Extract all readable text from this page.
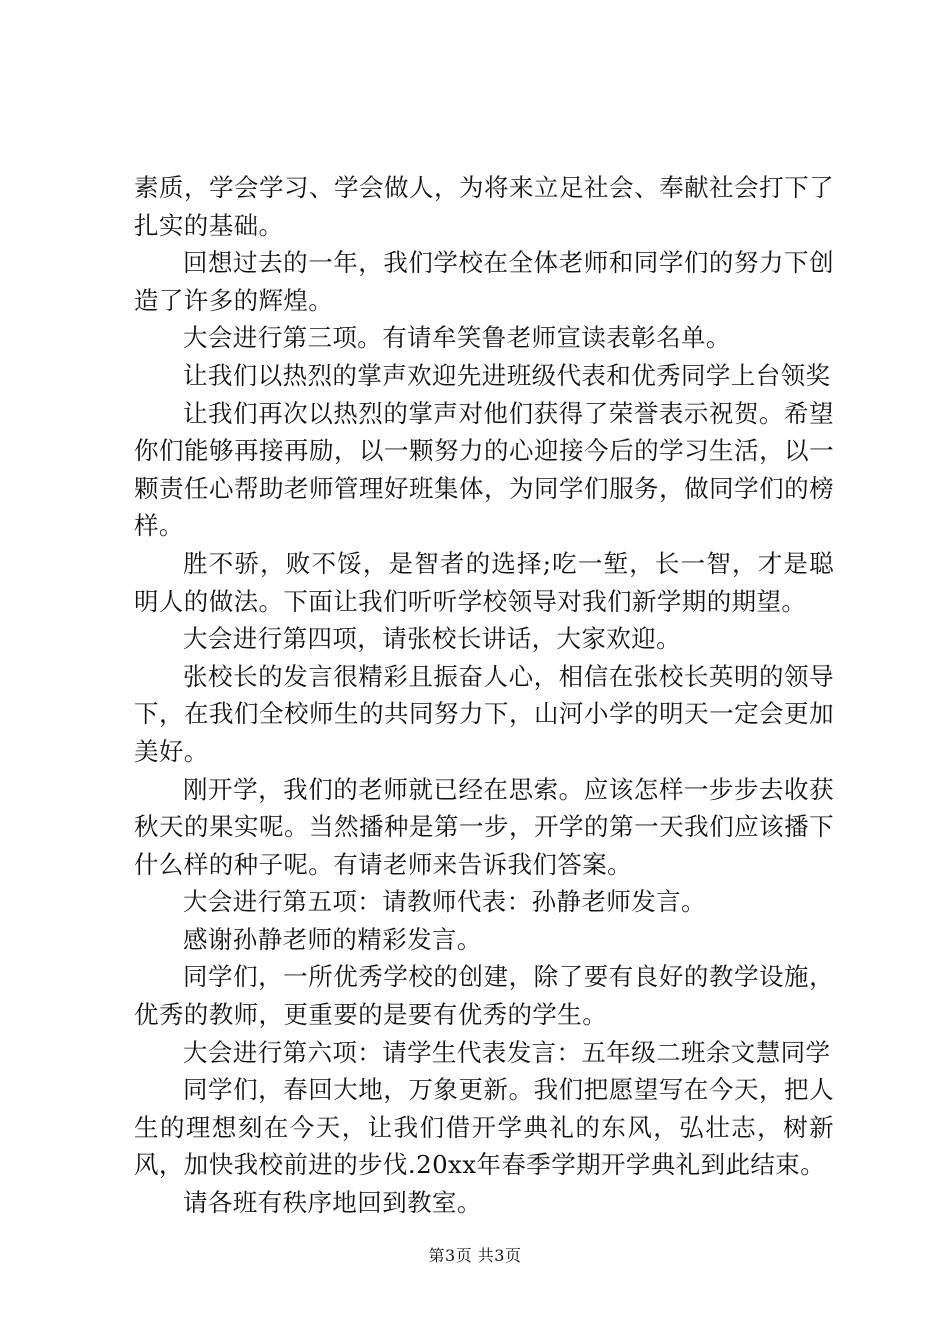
素质，学会学习、学会做人，为将来立足社会、奉献社会打下了扎实的基础。

回想过去的一年，我们学校在全体老师和同学们的努力下创造了许多的辉煌。

大会进行第三项。有请牟笑鲁老师宣读表彰名单。

让我们以热烈的掌声欢迎先进班级代表和优秀同学上台领奖

让我们再次以热烈的掌声对他们获得了荣誉表示祝贺。希望你们能够再接再励，以一颗努力的心迎接今后的学习生活，以一颗责任心帮助老师管理好班集体，为同学们服务，做同学们的榜样。

胜不骄，败不馁，是智者的选择;吃一堑，长一智，才是聪明人的做法。下面让我们听听学校领导对我们新学期的期望。

大会进行第四项，请张校长讲话，大家欢迎。

张校长的发言很精彩且振奋人心，相信在张校长英明的领导下，在我们全校师生的共同努力下，山河小学的明天一定会更加美好。

刚开学，我们的老师就已经在思索。应该怎样一步步去收获秋天的果实呢。当然播种是第一步，开学的第一天我们应该播下什么样的种子呢。有请老师来告诉我们答案。

大会进行第五项：请教师代表：孙静老师发言。

感谢孙静老师的精彩发言。

同学们，一所优秀学校的创建，除了要有良好的教学设施，优秀的教师，更重要的是要有优秀的学生。

大会进行第六项：请学生代表发言：五年级二班余文慧同学

同学们，春回大地，万象更新。我们把愿望写在今天，把人生的理想刻在今天，让我们借开学典礼的东风，弘壮志，树新风，加快我校前进的步伐.20xx年春季学期开学典礼到此结束。

请各班有秩序地回到教室。

第3页 共3页
